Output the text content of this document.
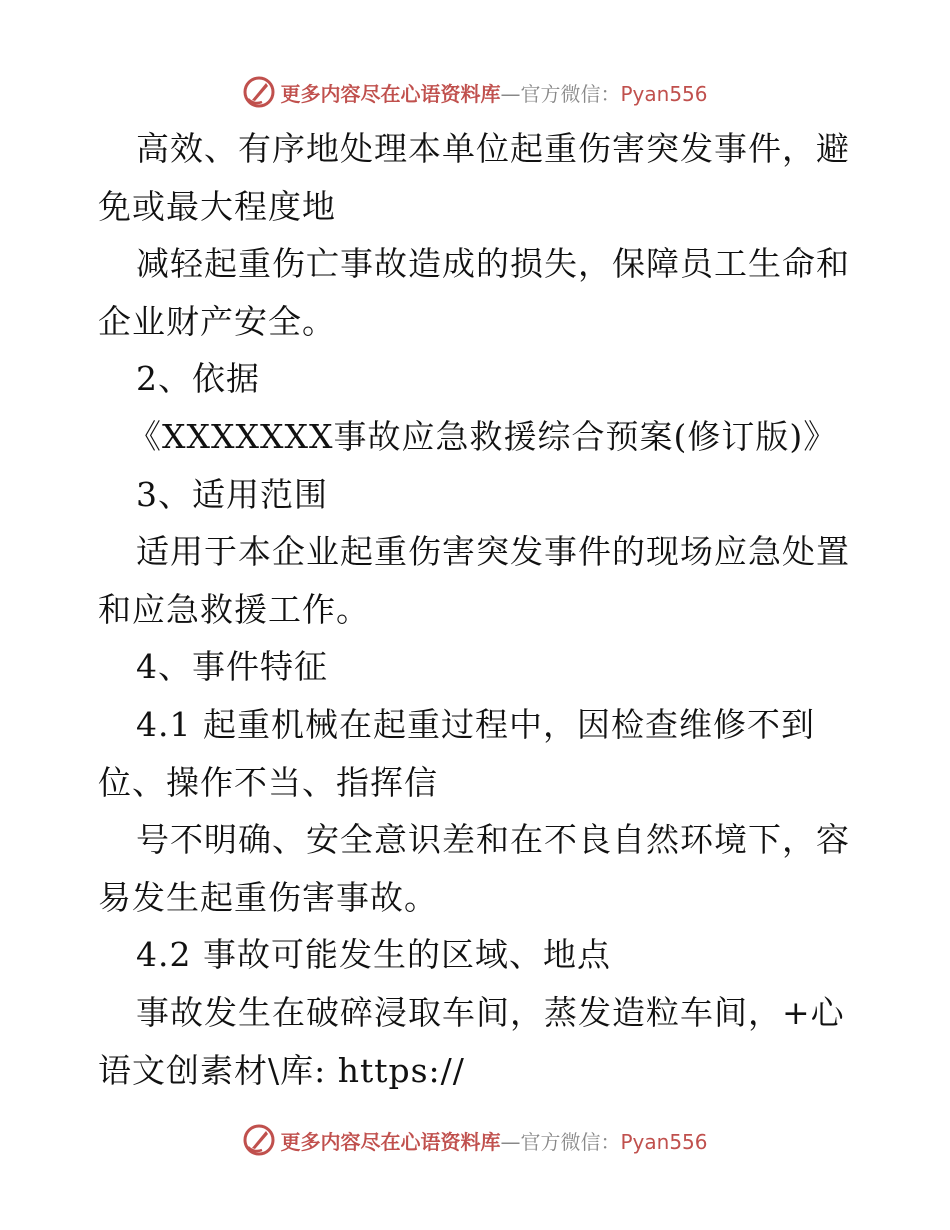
更多内容尽在心语资料库—官方微信：Pyan556
高效、有序地处理本单位起重伤害突发事件，避
免或最大程度地
减轻起重伤亡事故造成的损失，保障员工生命和
企业财产安全。
2、依据
《XXXXXXX事故应急救援综合预案(修订版)》
3、适用范围
适用于本企业起重伤害突发事件的现场应急处置
和应急救援工作。
4、事件特征
4.1 起重机械在起重过程中，因检查维修不到
位、操作不当、指挥信
号不明确、安全意识差和在不良自然环境下，容
易发生起重伤害事故。
4.2 事故可能发生的区域、地点
事故发生在破碎浸取车间，蒸发造粒车间，+心
语文创素材\库: https://
更多内容尽在心语资料库—官方微信：Pyan556
